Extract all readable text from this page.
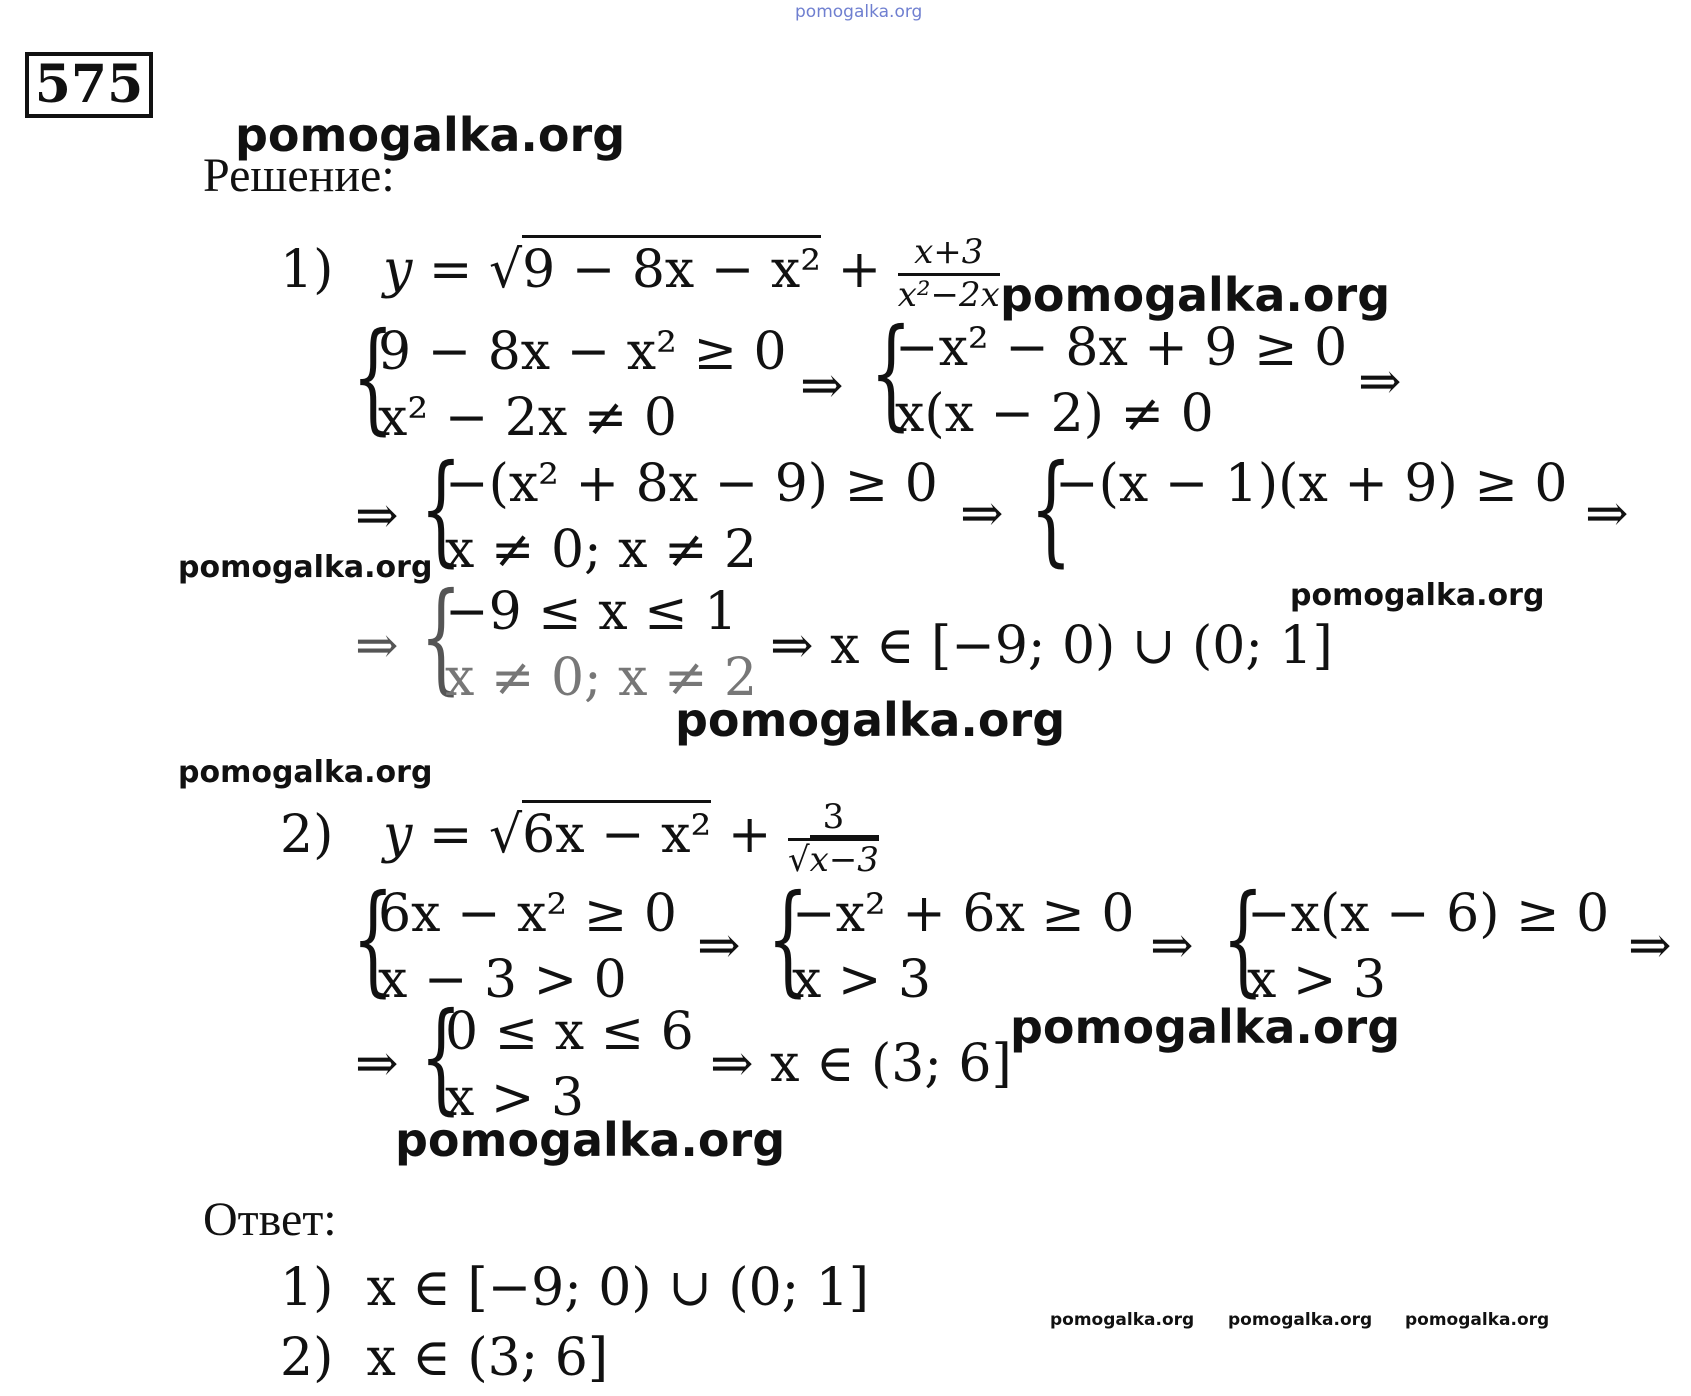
pomogalka.org
575
pomogalka.org
pomogalka.org
pomogalka.org
pomogalka.org
pomogalka.org
pomogalka.org
pomogalka.org
pomogalka.org
pomogalka.org pomogalka.org pomogalka.org
Решение:
1) $y = √9 - 8x - x^2 + \frac{x+3}{\text{x²−2x}}$
{
9 − 8x − x² ≥ 0
x² − 2x ≠ 0
⇒ {
−x² − 8x + 9 ≥ 0
x(x − 2) ≠ 0
⇒
⇒ {
−(x² + 8x − 9) ≥ 0
x ≠ 0; x ≠ 2
⇒ {
−(x − 1)(x + 9) ≥ 0 ⇒
⇒ {
−9 ≤ x ≤ 1
x ≠ 0; x ≠ 2
⇒ x ∈ [−9; 0) ∪ (0; 1]
2) $y = √6x - x^2 + \frac{3}{√x-3}$
{
6x − x² ≥ 0
x − 3 > 0
⇒ {
−x² + 6x ≥ 0
x > 3
⇒ {
−x(x − 6) ≥ 0
x > 3
⇒
⇒ {
0 ≤ x ≤ 6
x > 3
⇒ x ∈ (3; 6]
Ответ:
1) x ∈ [−9; 0) ∪ (0; 1]
2) x ∈ (3; 6]
